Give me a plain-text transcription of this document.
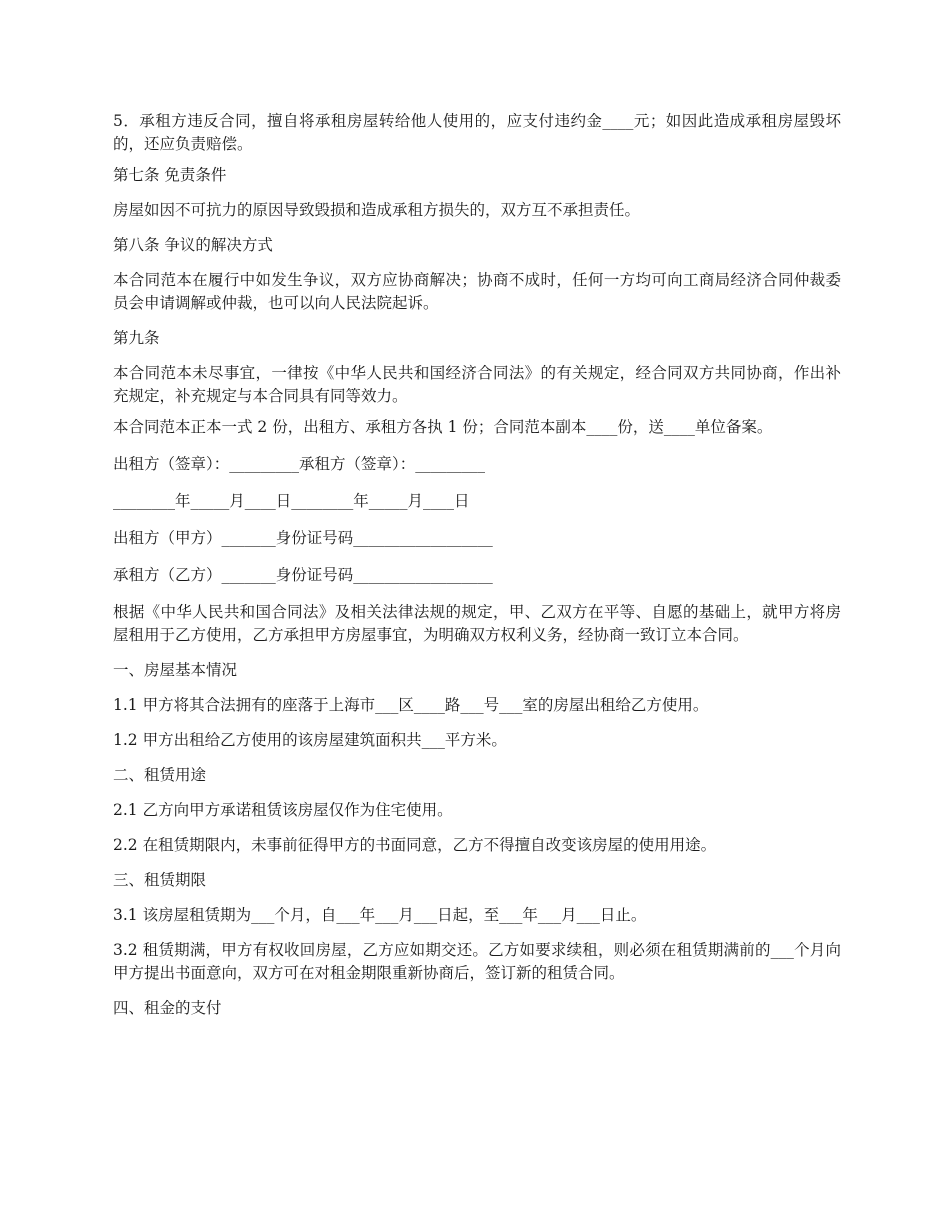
5．承租方违反合同，擅自将承租房屋转给他人使用的，应支付违约金____元；如因此造成承租房屋毁坏的，还应负责赔偿。

第七条 免责条件

房屋如因不可抗力的原因导致毁损和造成承租方损失的，双方互不承担责任。

第八条 争议的解决方式

本合同范本在履行中如发生争议，双方应协商解决；协商不成时，任何一方均可向工商局经济合同仲裁委员会申请调解或仲裁，也可以向人民法院起诉。

第九条

本合同范本未尽事宜，一律按《中华人民共和国经济合同法》的有关规定，经合同双方共同协商，作出补充规定，补充规定与本合同具有同等效力。

本合同范本正本一式 2 份，出租方、承租方各执 1 份；合同范本副本____份，送____单位备案。

出租方（签章）：_________承租方（签章）：_________

________年_____月____日________年_____月____日

出租方（甲方）_______身份证号码__________________

承租方（乙方）_______身份证号码__________________

根据《中华人民共和国合同法》及相关法律法规的规定，甲、乙双方在平等、自愿的基础上，就甲方将房屋租用于乙方使用，乙方承担甲方房屋事宜，为明确双方权利义务，经协商一致订立本合同。

一、房屋基本情况

1.1 甲方将其合法拥有的座落于上海市___区____路___号___室的房屋出租给乙方使用。

1.2 甲方出租给乙方使用的该房屋建筑面积共___平方米。

二、租赁用途

2.1 乙方向甲方承诺租赁该房屋仅作为住宅使用。

2.2 在租赁期限内，未事前征得甲方的书面同意，乙方不得擅自改变该房屋的使用用途。

三、租赁期限

3.1 该房屋租赁期为___个月，自___年___月___日起，至___年___月___日止。

3.2 租赁期满，甲方有权收回房屋，乙方应如期交还。乙方如要求续租，则必须在租赁期满前的___个月向甲方提出书面意向，双方可在对租金期限重新协商后，签订新的租赁合同。

四、租金的支付
